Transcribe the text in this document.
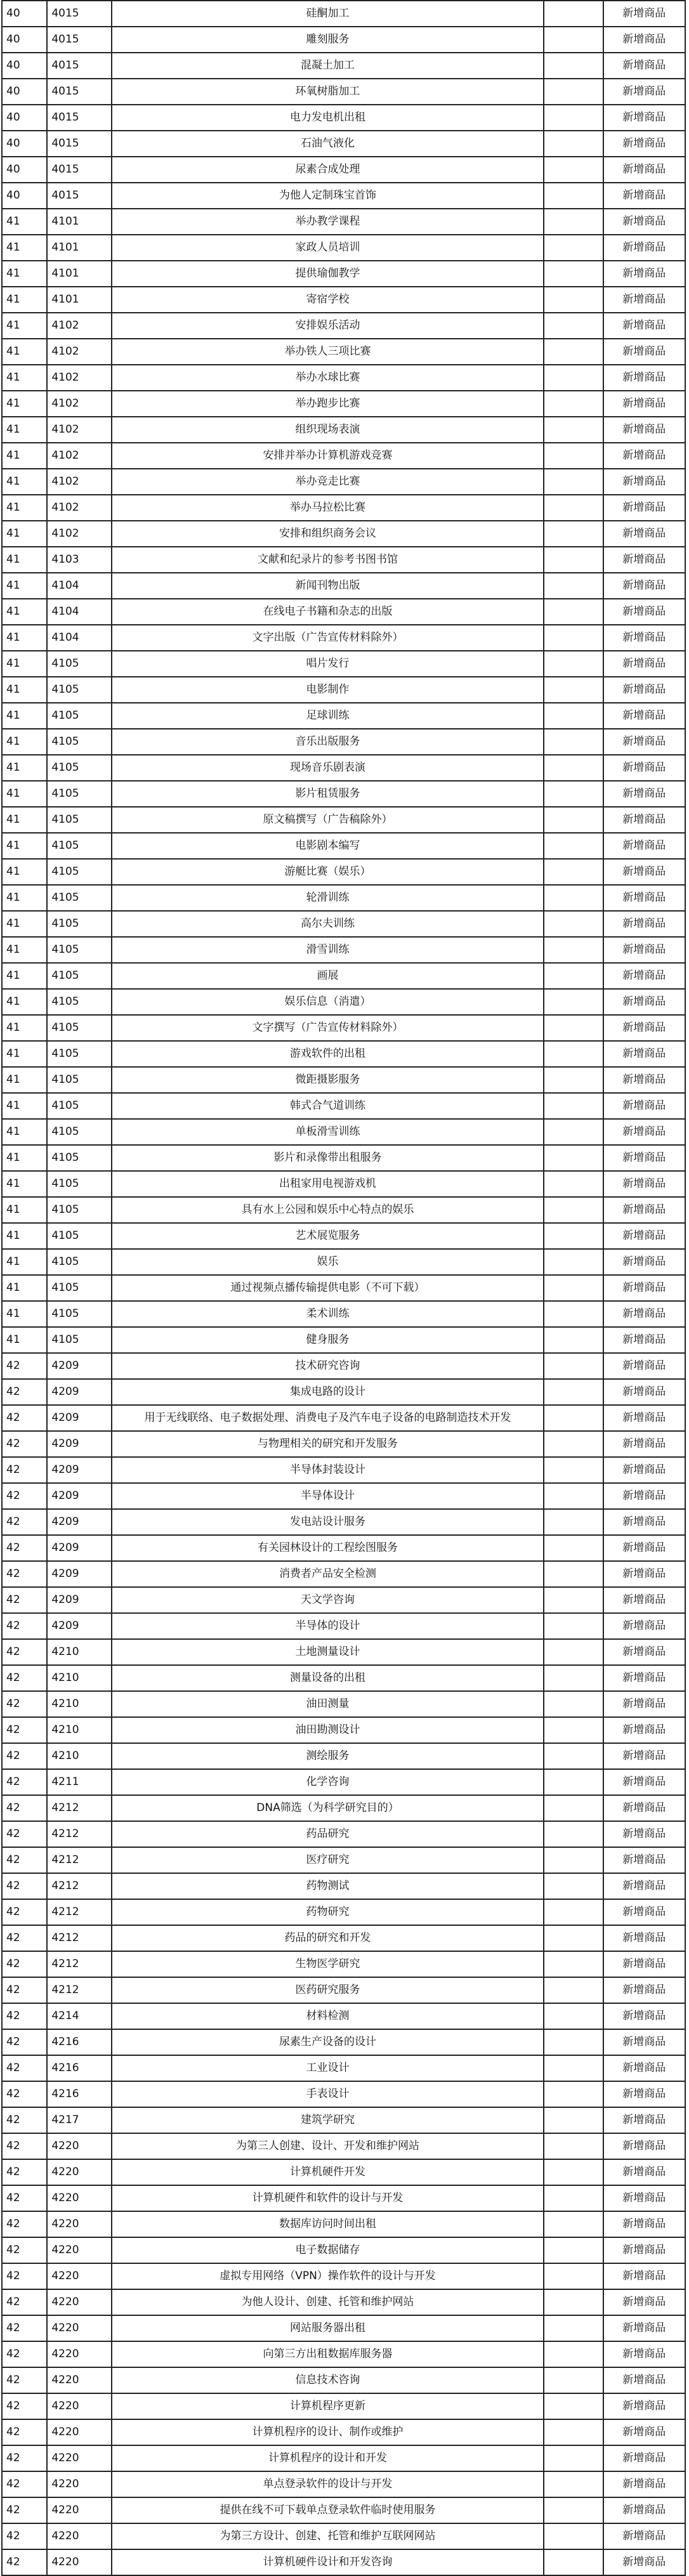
40	4015	硅酮加工		新增商品
40	4015	雕刻服务		新增商品
40	4015	混凝土加工		新增商品
40	4015	环氧树脂加工		新增商品
40	4015	电力发电机出租		新增商品
40	4015	石油气液化		新增商品
40	4015	尿素合成处理		新增商品
40	4015	为他人定制珠宝首饰		新增商品
41	4101	举办教学课程		新增商品
41	4101	家政人员培训		新增商品
41	4101	提供瑜伽教学		新增商品
41	4101	寄宿学校		新增商品
41	4102	安排娱乐活动		新增商品
41	4102	举办铁人三项比赛		新增商品
41	4102	举办水球比赛		新增商品
41	4102	举办跑步比赛		新增商品
41	4102	组织现场表演		新增商品
41	4102	安排并举办计算机游戏竞赛		新增商品
41	4102	举办竞走比赛		新增商品
41	4102	举办马拉松比赛		新增商品
41	4102	安排和组织商务会议		新增商品
41	4103	文献和纪录片的参考书图书馆		新增商品
41	4104	新闻刊物出版		新增商品
41	4104	在线电子书籍和杂志的出版		新增商品
41	4104	文字出版（广告宣传材料除外）		新增商品
41	4105	唱片发行		新增商品
41	4105	电影制作		新增商品
41	4105	足球训练		新增商品
41	4105	音乐出版服务		新增商品
41	4105	现场音乐剧表演		新增商品
41	4105	影片租赁服务		新增商品
41	4105	原文稿撰写（广告稿除外）		新增商品
41	4105	电影剧本编写		新增商品
41	4105	游艇比赛（娱乐）		新增商品
41	4105	轮滑训练		新增商品
41	4105	高尔夫训练		新增商品
41	4105	滑雪训练		新增商品
41	4105	画展		新增商品
41	4105	娱乐信息（消遣）		新增商品
41	4105	文字撰写（广告宣传材料除外）		新增商品
41	4105	游戏软件的出租		新增商品
41	4105	微距摄影服务		新增商品
41	4105	韩式合气道训练		新增商品
41	4105	单板滑雪训练		新增商品
41	4105	影片和录像带出租服务		新增商品
41	4105	出租家用电视游戏机		新增商品
41	4105	具有水上公园和娱乐中心特点的娱乐		新增商品
41	4105	艺术展览服务		新增商品
41	4105	娱乐		新增商品
41	4105	通过视频点播传输提供电影（不可下载）		新增商品
41	4105	柔术训练		新增商品
41	4105	健身服务		新增商品
42	4209	技术研究咨询		新增商品
42	4209	集成电路的设计		新增商品
42	4209	用于无线联络、电子数据处理、消费电子及汽车电子设备的电路制造技术开发		新增商品
42	4209	与物理相关的研究和开发服务		新增商品
42	4209	半导体封装设计		新增商品
42	4209	半导体设计		新增商品
42	4209	发电站设计服务		新增商品
42	4209	有关园林设计的工程绘图服务		新增商品
42	4209	消费者产品安全检测		新增商品
42	4209	天文学咨询		新增商品
42	4209	半导体的设计		新增商品
42	4210	土地测量设计		新增商品
42	4210	测量设备的出租		新增商品
42	4210	油田测量		新增商品
42	4210	油田勘测设计		新增商品
42	4210	测绘服务		新增商品
42	4211	化学咨询		新增商品
42	4212	DNA筛选（为科学研究目的）		新增商品
42	4212	药品研究		新增商品
42	4212	医疗研究		新增商品
42	4212	药物测试		新增商品
42	4212	药物研究		新增商品
42	4212	药品的研究和开发		新增商品
42	4212	生物医学研究		新增商品
42	4212	医药研究服务		新增商品
42	4214	材料检测		新增商品
42	4216	尿素生产设备的设计		新增商品
42	4216	工业设计		新增商品
42	4216	手表设计		新增商品
42	4217	建筑学研究		新增商品
42	4220	为第三人创建、设计、开发和维护网站		新增商品
42	4220	计算机硬件开发		新增商品
42	4220	计算机硬件和软件的设计与开发		新增商品
42	4220	数据库访问时间出租		新增商品
42	4220	电子数据储存		新增商品
42	4220	虚拟专用网络（VPN）操作软件的设计与开发		新增商品
42	4220	为他人设计、创建、托管和维护网站		新增商品
42	4220	网站服务器出租		新增商品
42	4220	向第三方出租数据库服务器		新增商品
42	4220	信息技术咨询		新增商品
42	4220	计算机程序更新		新增商品
42	4220	计算机程序的设计、制作或维护		新增商品
42	4220	计算机程序的设计和开发		新增商品
42	4220	单点登录软件的设计与开发		新增商品
42	4220	提供在线不可下载单点登录软件临时使用服务		新增商品
42	4220	为第三方设计、创建、托管和维护互联网网站		新增商品
42	4220	计算机硬件设计和开发咨询		新增商品
